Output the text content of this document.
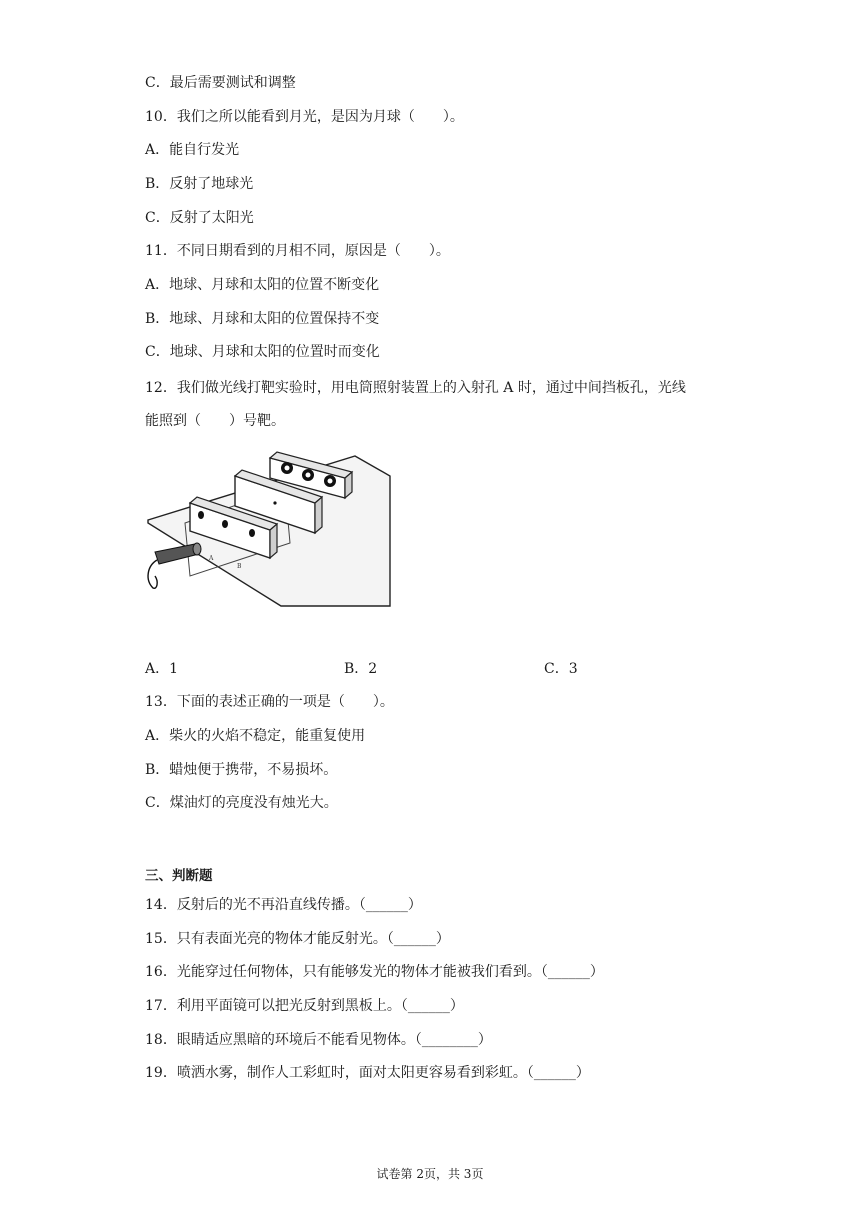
C．最后需要测试和调整
10．我们之所以能看到月光，是因为月球（　　）。
A．能自行发光
B．反射了地球光
C．反射了太阳光
11．不同日期看到的月相不同，原因是（　　）。
A．地球、月球和太阳的位置不断变化
B．地球、月球和太阳的位置保持不变
C．地球、月球和太阳的位置时而变化
12．我们做光线打靶实验时，用电筒照射装置上的入射孔 A 时，通过中间挡板孔，光线
能照到（　　）号靶。
A
B
A．1	B．2	C．3
13．下面的表述正确的一项是（　　）。
A．柴火的火焰不稳定，能重复使用
B．蜡烛便于携带，不易损坏。
C．煤油灯的亮度没有烛光大。
三、判断题
14．反射后的光不再沿直线传播。（______）
15．只有表面光亮的物体才能反射光。（______）
16．光能穿过任何物体，只有能够发光的物体才能被我们看到。（______）
17．利用平面镜可以把光反射到黑板上。（______）
18．眼睛适应黑暗的环境后不能看见物体。（________）
19．喷洒水雾，制作人工彩虹时，面对太阳更容易看到彩虹。（______）
试卷第 2页，共 3页
